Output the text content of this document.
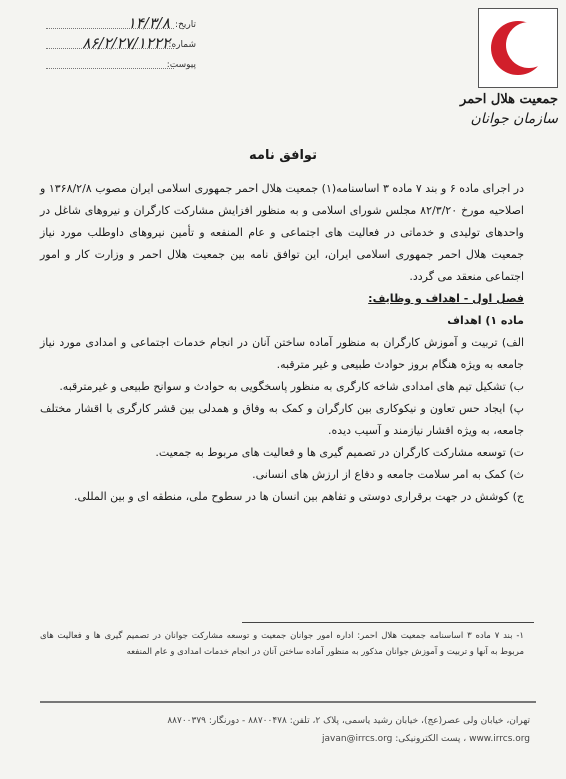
جمعیت هلال احمر
سازمان جوانان
تاریخ:
۱۴/۳/۸
شماره:
۸۶/۲/۲۷/۱۲۲۲
پیوست:
توافق نامه

در اجرای ماده ۶ و بند ۷ ماده ۳ اساسنامه(۱) جمعیت هلال احمر جمهوری اسلامی ایران مصوب ۱۳۶۸/۲/۸ و اصلاحیه مورخ ۸۲/۳/۲۰ مجلس شورای اسلامی و به منظور افزایش مشارکت کارگران و نیروهای شاغل در واحدهای تولیدی و خدماتی در فعالیت های اجتماعی و عام المنفعه و تأمین نیروهای داوطلب مورد نیاز جمعیت هلال احمر جمهوری اسلامی ایران، این توافق نامه بین جمعیت هلال احمر و وزارت کار و امور اجتماعی منعقد می گردد.

فصل اول - اهداف و وظایف:

ماده ۱) اهداف

الف) تربیت و آموزش کارگران به منظور آماده ساختن آنان در انجام خدمات اجتماعی و امدادی مورد نیاز جامعه به ویژه هنگام بروز حوادث طبیعی و غیر مترقبه.

ب) تشکیل تیم های امدادی شاخه کارگری به منظور پاسخگویی به حوادث و سوانح طبیعی و غیرمترقبه.

پ) ایجاد حس تعاون و نیکوکاری بین کارگران و کمک به وفاق و همدلی بین قشر کارگری با اقشار مختلف جامعه، به ویژه اقشار نیازمند و آسیب دیده.

ت) توسعه مشارکت کارگران در تصمیم گیری ها و فعالیت های مربوط به جمعیت.

ث) کمک به امر سلامت جامعه و دفاع از ارزش های انسانی.

ج) کوشش در جهت برقراری دوستی و تفاهم بین انسان ها در سطوح ملی، منطقه ای و بین المللی.

۱- بند ۷ ماده ۳ اساسنامه جمعیت هلال احمر: اداره امور جوانان جمعیت و توسعه مشارکت جوانان در تصمیم گیری ها و فعالیت های مربوط به آنها و تربیت و آموزش جوانان مذکور به منظور آماده ساختن آنان در انجام خدمات امدادی و عام المنفعه
تهران، خیابان ولی عصر(عج)، خیابان رشید یاسمی، پلاک ۲، تلفن: ۸۸۷۰۰۴۷۸ - دورنگار: ۸۸۷۰۰۳۷۹
www.irrcs.org ، پست الکترونیکی: javan@irrcs.org
